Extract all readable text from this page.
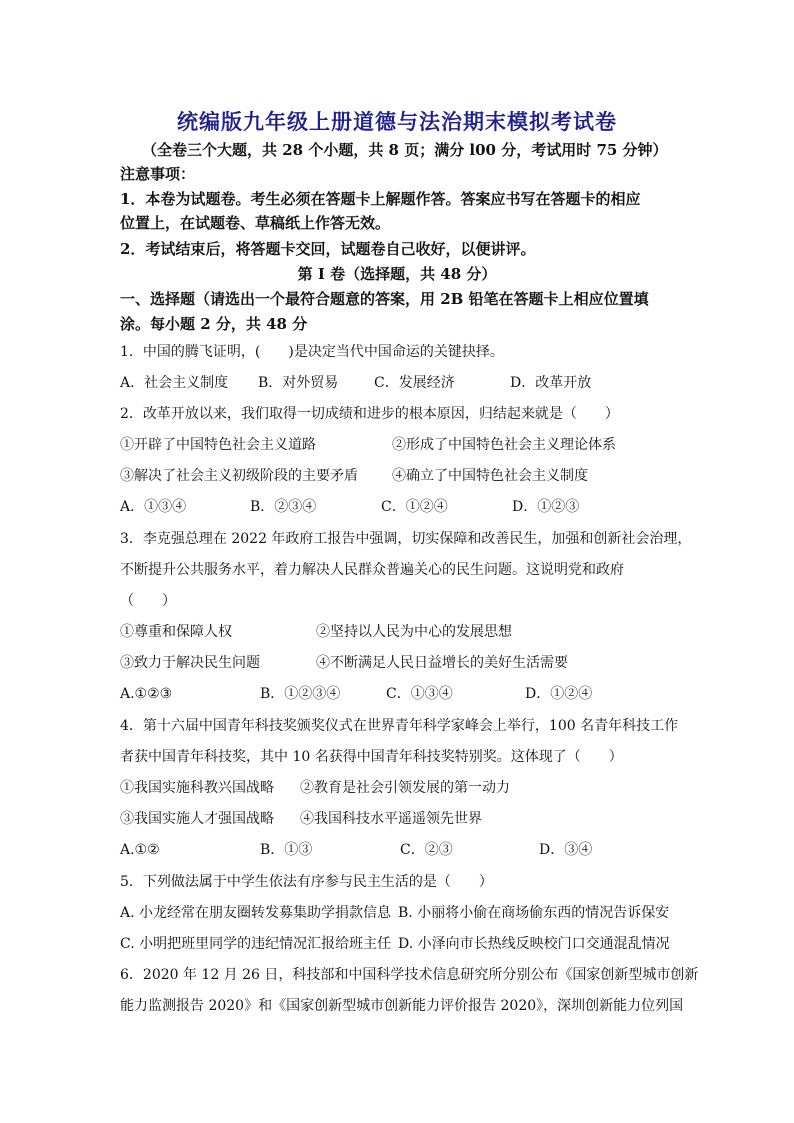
统编版九年级上册道德与法治期末模拟考试卷
（全卷三个大题，共 28 个小题，共 8 页；满分 l00 分，考试用时 75 分钟）
注意事项：
1．本卷为试题卷。考生必须在答题卡上解题作答。答案应书写在答题卡的相应
位置上，在试题卷、草稿纸上作答无效。
2．考试结束后，将答题卡交回，试题卷自己收好，以便讲评。
第 I 卷（选择题，共 48 分）
一、选择题（请选出一个最符合题意的答案，用 2B 铅笔在答题卡上相应位置填
涂。每小题 2 分，共 48 分
1．中国的腾飞证明，(　　)是决定当代中国命运的关键抉择。
A．社会主义制度 B．对外贸易	C．发展经济	D．改革开放
2．改革开放以来，我们取得一切成绩和进步的根本原因，归结起来就是（　　）
①开辟了中国特色社会主义道路	②形成了中国特色社会主义理论体系
③解决了社会主义初级阶段的主要矛盾 ④确立了中国特色社会主义制度
A．①③④	B．②③④	C．①②④	D．①②③
3．李克强总理在 2022 年政府工报告中强调，切实保障和改善民生，加强和创新社会治理，
不断提升公共服务水平，着力解决人民群众普遍关心的民生问题。这说明党和政府
（　　）
①尊重和保障人权	②坚持以人民为中心的发展思想
③致力于解决民生问题	④不断满足人民日益增长的美好生活需要
A.①②③	B．①②③④	C．①③④	D．①②④
4．第十六届中国青年科技奖颁奖仪式在世界青年科学家峰会上举行，100 名青年科技工作
者获中国青年科技奖，其中 10 名获得中国青年科技奖特别奖。这体现了（　　）
①我国实施科教兴国战略 ②教育是社会引领发展的第一动力
③我国实施人才强国战略 ④我国科技水平遥遥领先世界
A.①②	B．①③	C．②③	D．③④
5．下列做法属于中学生依法有序参与民主生活的是（　　）
A. 小龙经常在朋友圈转发募集助学捐款信息 B. 小丽将小偷在商场偷东西的情况告诉保安
C. 小明把班里同学的违纪情况汇报给班主任 D. 小泽向市长热线反映校门口交通混乱情况
6．2020 年 12 月 26 日，科技部和中国科学技术信息研究所分别公布《国家创新型城市创新
能力监测报告 2020》和《国家创新型城市创新能力评价报告 2020》，深圳创新能力位列国
